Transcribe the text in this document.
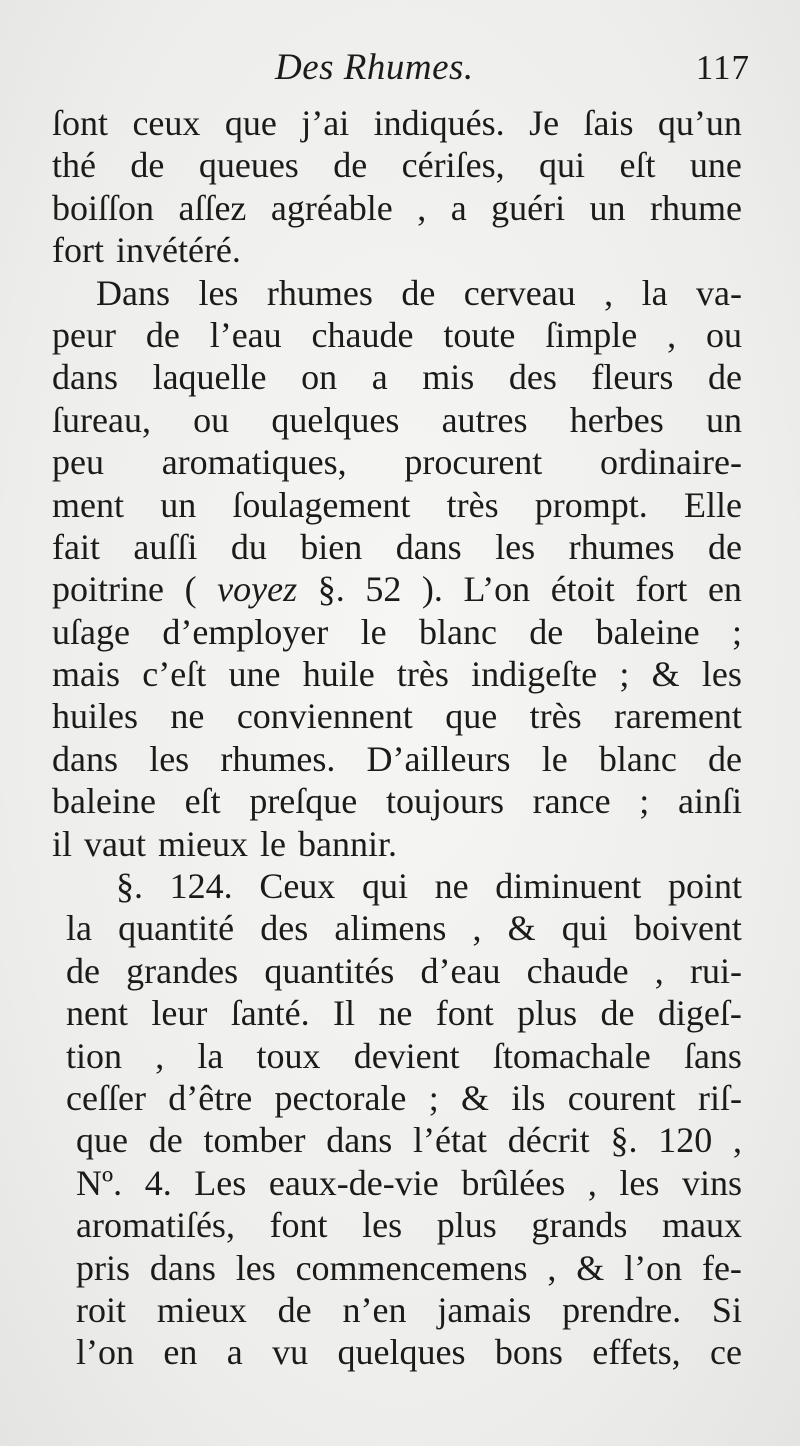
Des Rhumes.	117
ſont ceux que j’ai indiqués. Je ſais qu’un
thé de queues de cériſes, qui eſt une
boiſſon aſſez agréable , a guéri un rhume
fort invétéré.
Dans les rhumes de cerveau , la va-
peur de l’eau chaude toute ſimple , ou
dans laquelle on a mis des fleurs de
ſureau, ou quelques autres herbes un
peu aromatiques, procurent ordinaire-
ment un ſoulagement très prompt. Elle
fait auſſi du bien dans les rhumes de
poitrine ( voyez §. 52 ). L’on étoit fort en
uſage d’employer le blanc de baleine ;
mais c’eſt une huile très indigeſte ; & les
huiles ne conviennent que très rarement
dans les rhumes. D’ailleurs le blanc de
baleine eſt preſque toujours rance ; ainſi
il vaut mieux le bannir.
§. 124. Ceux qui ne diminuent point
la quantité des alimens , & qui boivent
de grandes quantités d’eau chaude , rui-
nent leur ſanté. Il ne font plus de digeſ-
tion , la toux devient ſtomachale ſans
ceſſer d’être pectorale ; & ils courent riſ-
que de tomber dans l’état décrit §. 120 ,
Nº. 4. Les eaux-de-vie brûlées , les vins
aromatiſés, font les plus grands maux
pris dans les commencemens , & l’on fe-
roit mieux de n’en jamais prendre. Si
l’on en a vu quelques bons effets, ce
